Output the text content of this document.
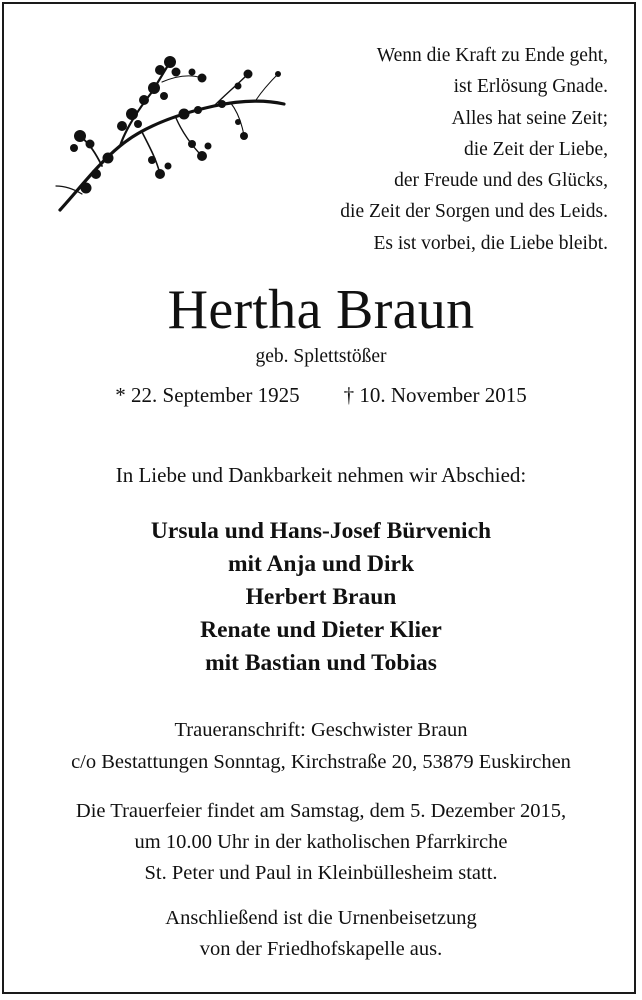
Wenn die Kraft zu Ende geht,
ist Erlösung Gnade.
Alles hat seine Zeit;
die Zeit der Liebe,
der Freude und des Glücks,
die Zeit der Sorgen und des Leids.
Es ist vorbei, die Liebe bleibt.
Hertha Braun
geb. Splettstößer
* 22. September 1925 † 10. November 2015
In Liebe und Dankbarkeit nehmen wir Abschied:
Ursula und Hans-Josef Bürvenich
mit Anja und Dirk
Herbert Braun
Renate und Dieter Klier
mit Bastian und Tobias
Traueranschrift: Geschwister Braun
c/o Bestattungen Sonntag, Kirchstraße 20, 53879 Euskirchen
Die Trauerfeier findet am Samstag, dem 5. Dezember 2015,
um 10.00 Uhr in der katholischen Pfarrkirche
St. Peter und Paul in Kleinbüllesheim statt.
Anschließend ist die Urnenbeisetzung
von der Friedhofskapelle aus.
